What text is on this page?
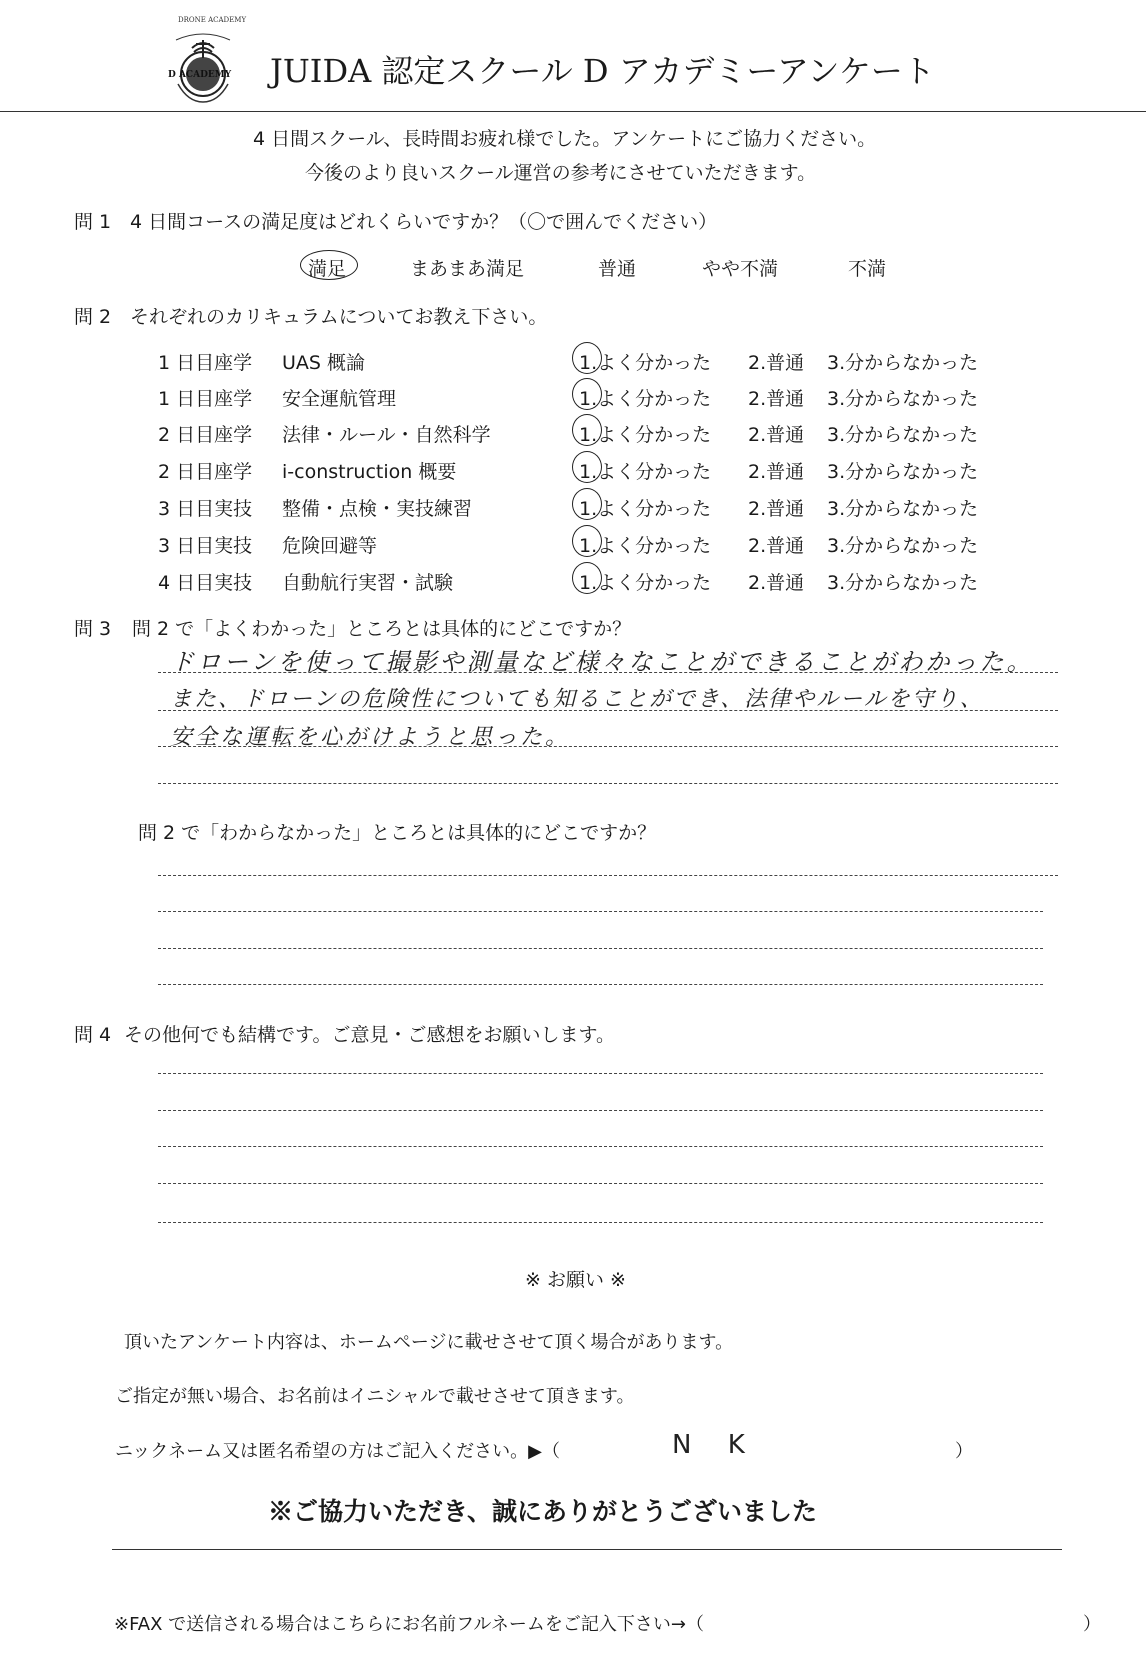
DRONE ACADEMY
D ACADEMY JUIDA 認定スクール D アカデミーアンケート
4 日間スクール、長時間お疲れ様でした。アンケートにご協力ください。
今後のより良いスクール運営の参考にさせていただきます。
問 1 4 日間コースの満足度はどれくらいですか？（〇で囲んでください）
満足	まあまあ満足	普通	やや不満	不満
問 2 それぞれのカリキュラムについてお教え下さい。
1 日目座学 UAS 概論	1.よく分かった 2.普通 3.分からなかった
1 日目座学 安全運航管理	1.よく分かった 2.普通 3.分からなかった
2 日目座学 法律・ルール・自然科学	1.よく分かった 2.普通 3.分からなかった
2 日目座学 i-construction 概要	1.よく分かった 2.普通 3.分からなかった
3 日目実技 整備・点検・実技練習	1.よく分かった 2.普通 3.分からなかった
3 日目実技 危険回避等	1.よく分かった 2.普通 3.分からなかった
4 日目実技 自動航行実習・試験	1.よく分かった 2.普通 3.分からなかった
問 3 問 2 で「よくわかった」ところとは具体的にどこですか？
ドローンを使って撮影や測量など様々なことができることがわかった。
また、ドローンの危険性についても知ることができ、法律やルールを守り、
安全な運転を心がけようと思った。
問 2 で「わからなかった」ところとは具体的にどこですか？
問 4 その他何でも結構です。ご意見・ご感想をお願いします。
※ お願い ※
頂いたアンケート内容は、ホームページに載せさせて頂く場合があります。
ご指定が無い場合、お名前はイニシャルで載せさせて頂きます。
ニックネーム又は匿名希望の方はご記入ください。▶（	N K	）
※ご協力いただき、誠にありがとうございました
※FAX で送信される場合はこちらにお名前フルネームをご記入下さい→（	）
